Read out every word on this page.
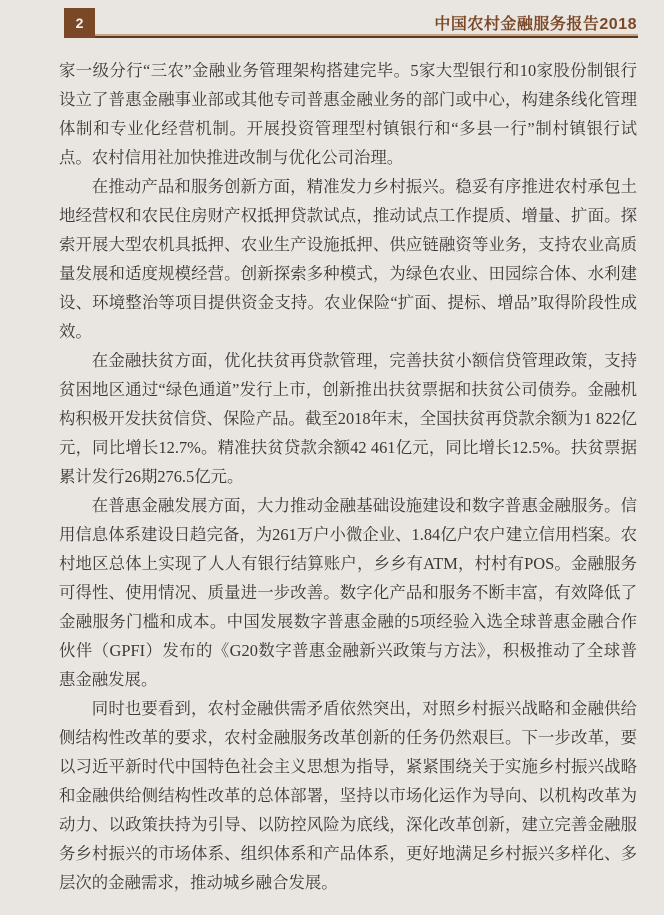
2	中国农村金融服务报告2018

家一级分行“三农”金融业务管理架构搭建完毕。5家大型银行和10家股份制银行设立了普惠金融事业部或其他专司普惠金融业务的部门或中心，构建条线化管理体制和专业化经营机制。开展投资管理型村镇银行和“多县一行”制村镇银行试点。农村信用社加快推进改制与优化公司治理。

在推动产品和服务创新方面，精准发力乡村振兴。稳妥有序推进农村承包土地经营权和农民住房财产权抵押贷款试点，推动试点工作提质、增量、扩面。探索开展大型农机具抵押、农业生产设施抵押、供应链融资等业务，支持农业高质量发展和适度规模经营。创新探索多种模式，为绿色农业、田园综合体、水利建设、环境整治等项目提供资金支持。农业保险“扩面、提标、增品”取得阶段性成效。

在金融扶贫方面，优化扶贫再贷款管理，完善扶贫小额信贷管理政策，支持贫困地区通过“绿色通道”发行上市，创新推出扶贫票据和扶贫公司债券。金融机构积极开发扶贫信贷、保险产品。截至2018年末，全国扶贫再贷款余额为1 822亿元，同比增长12.7%。精准扶贫贷款余额42 461亿元，同比增长12.5%。扶贫票据累计发行26期276.5亿元。

在普惠金融发展方面，大力推动金融基础设施建设和数字普惠金融服务。信用信息体系建设日趋完备，为261万户小微企业、1.84亿户农户建立信用档案。农村地区总体上实现了人人有银行结算账户，乡乡有ATM，村村有POS。金融服务可得性、使用情况、质量进一步改善。数字化产品和服务不断丰富，有效降低了金融服务门槛和成本。中国发展数字普惠金融的5项经验入选全球普惠金融合作伙伴（GPFI）发布的《G20数字普惠金融新兴政策与方法》，积极推动了全球普惠金融发展。

同时也要看到，农村金融供需矛盾依然突出，对照乡村振兴战略和金融供给侧结构性改革的要求，农村金融服务改革创新的任务仍然艰巨。下一步改革，要以习近平新时代中国特色社会主义思想为指导，紧紧围绕关于实施乡村振兴战略和金融供给侧结构性改革的总体部署，坚持以市场化运作为导向、以机构改革为动力、以政策扶持为引导、以防控风险为底线，深化改革创新，建立完善金融服务乡村振兴的市场体系、组织体系和产品体系，更好地满足乡村振兴多样化、多层次的金融需求，推动城乡融合发展。
